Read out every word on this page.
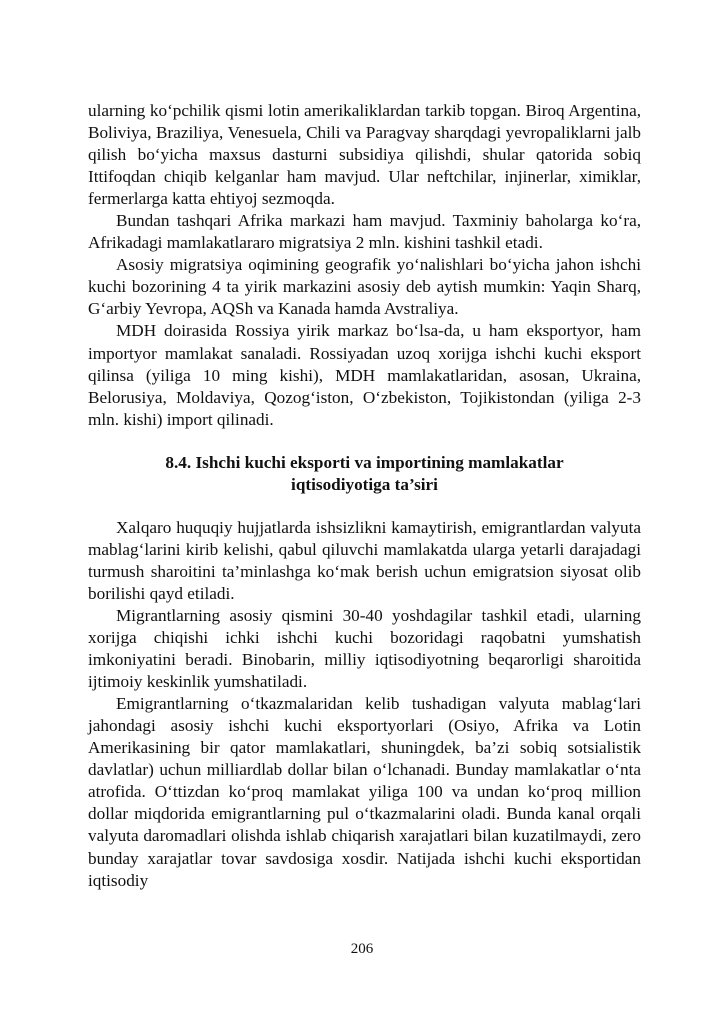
ularning ko‘pchilik qismi lotin amerikaliklardan tarkib topgan. Biroq Argentina, Boliviya, Braziliya, Venesuela, Chili va Paragvay sharqdagi yevropaliklarni jalb qilish bo‘yicha maxsus dasturni subsidiya qilishdi, shular qatorida sobiq Ittifoqdan chiqib kelganlar ham mavjud. Ular neftchilar, injinerlar, ximiklar, fermerlarga katta ehtiyoj sezmoqda.

Bundan tashqari Afrika markazi ham mavjud. Taxminiy baholarga ko‘ra, Afrikadagi mamlakatlararo migratsiya 2 mln. kishini tashkil etadi.

Asosiy migratsiya oqimining geografik yo‘nalishlari bo‘yicha jahon ishchi kuchi bozorining 4 ta yirik markazini asosiy deb aytish mumkin: Yaqin Sharq, G‘arbiy Yevropa, AQSh va Kanada hamda Avstraliya.

MDH doirasida Rossiya yirik markaz bo‘lsa-da, u ham eksportyor, ham importyor mamlakat sanaladi. Rossiyadan uzoq xorijga ishchi kuchi eksport qilinsa (yiliga 10 ming kishi), MDH mamlakatlaridan, asosan, Ukraina, Belorusiya, Moldaviya, Qozog‘iston, O‘zbekiston, Tojikistondan (yiliga 2-3 mln. kishi) import qilinadi.

8.4. Ishchi kuchi eksporti va importining mamlakatlar
iqtisodiyotiga ta’siri

Xalqaro huquqiy hujjatlarda ishsizlikni kamaytirish, emigrantlardan valyuta mablag‘larini kirib kelishi, qabul qiluvchi mamlakatda ularga yetarli darajadagi turmush sharoitini ta’minlashga ko‘mak berish uchun emigratsion siyosat olib borilishi qayd etiladi.

Migrantlarning asosiy qismini 30-40 yoshdagilar tashkil etadi, ularning xorijga chiqishi ichki ishchi kuchi bozoridagi raqobatni yumshatish imkoniyatini beradi. Binobarin, milliy iqtisodiyotning beqarorligi sharoitida ijtimoiy keskinlik yumshatiladi.

Emigrantlarning o‘tkazmalaridan kelib tushadigan valyuta mablag‘lari jahondagi asosiy ishchi kuchi eksportyorlari (Osiyo, Afrika va Lotin Amerikasining bir qator mamlakatlari, shuningdek, ba’zi sobiq sotsialistik davlatlar) uchun milliardlab dollar bilan o‘lchanadi. Bunday mamlakatlar o‘nta atrofida. O‘ttizdan ko‘proq mamlakat yiliga 100 va undan ko‘proq million dollar miqdorida emigrantlarning pul o‘tkazmalarini oladi. Bunda kanal orqali valyuta daromadlari olishda ishlab chiqarish xarajatlari bilan kuzatilmaydi, zero bunday xarajatlar tovar savdosiga xosdir. Natijada ishchi kuchi eksportidan iqtisodiy

206
